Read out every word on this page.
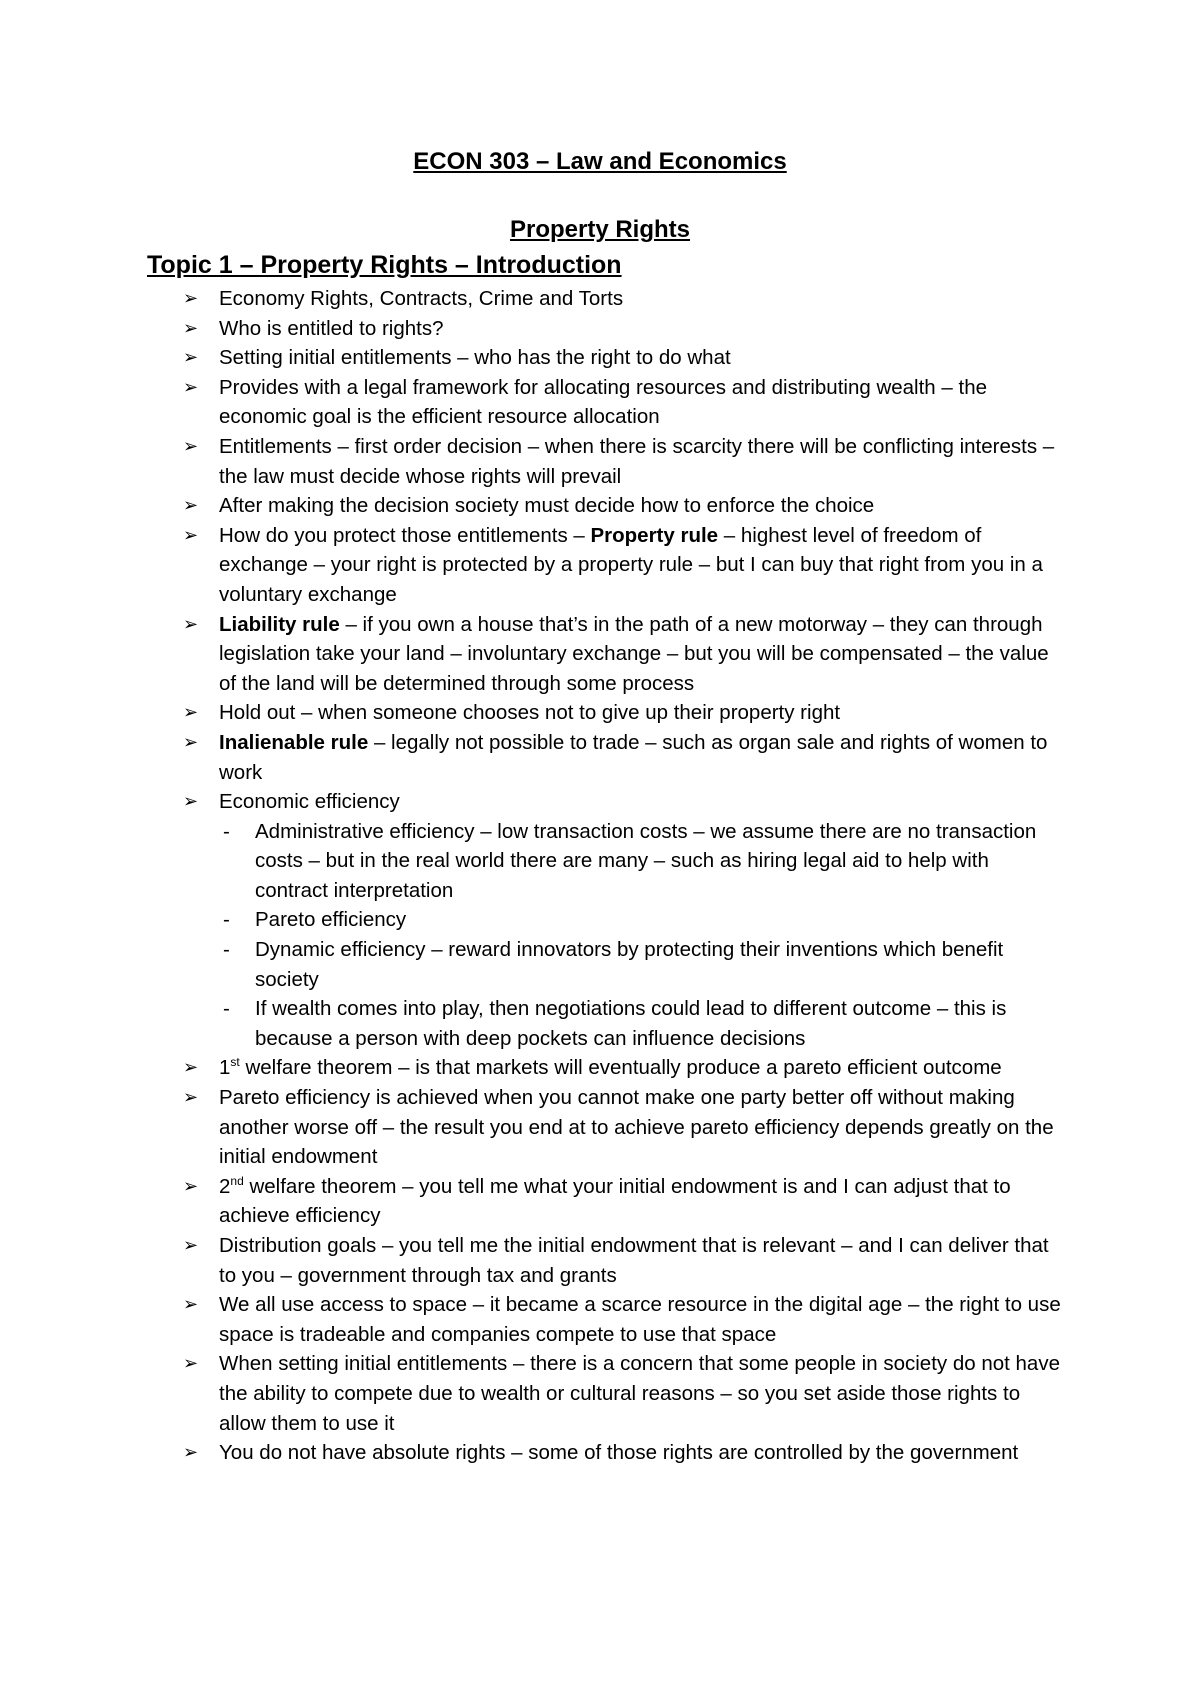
ECON 303 – Law and Economics
Property Rights
Topic 1 – Property Rights – Introduction
➢	Economy Rights, Contracts, Crime and Torts
➢	Who is entitled to rights?
➢	Setting initial entitlements – who has the right to do what
➢	Provides with a legal framework for allocating resources and distributing wealth – the economic goal is the efficient resource allocation
➢	Entitlements – first order decision – when there is scarcity there will be conflicting interests – the law must decide whose rights will prevail
➢	After making the decision society must decide how to enforce the choice
➢	How do you protect those entitlements – Property rule – highest level of freedom of exchange – your right is protected by a property rule – but I can buy that right from you in a voluntary exchange
➢	Liability rule – if you own a house that’s in the path of a new motorway – they can through legislation take your land – involuntary exchange – but you will be compensated – the value of the land will be determined through some process
➢	Hold out – when someone chooses not to give up their property right
➢	Inalienable rule – legally not possible to trade – such as organ sale and rights of women to work
➢	Economic efficiency
- Administrative efficiency – low transaction costs – we assume there are no transaction costs – but in the real world there are many – such as hiring legal aid to help with contract interpretation
- Pareto efficiency
- Dynamic efficiency – reward innovators by protecting their inventions which benefit society
- If wealth comes into play, then negotiations could lead to different outcome – this is because a person with deep pockets can influence decisions
➢	1st welfare theorem – is that markets will eventually produce a pareto efficient outcome
➢	Pareto efficiency is achieved when you cannot make one party better off without making another worse off – the result you end at to achieve pareto efficiency depends greatly on the initial endowment
➢	2nd welfare theorem – you tell me what your initial endowment is and I can adjust that to achieve efficiency
➢	Distribution goals – you tell me the initial endowment that is relevant – and I can deliver that to you – government through tax and grants
➢	We all use access to space – it became a scarce resource in the digital age – the right to use space is tradeable and companies compete to use that space
➢	When setting initial entitlements – there is a concern that some people in society do not have the ability to compete due to wealth or cultural reasons – so you set aside those rights to allow them to use it
➢	You do not have absolute rights – some of those rights are controlled by the government
